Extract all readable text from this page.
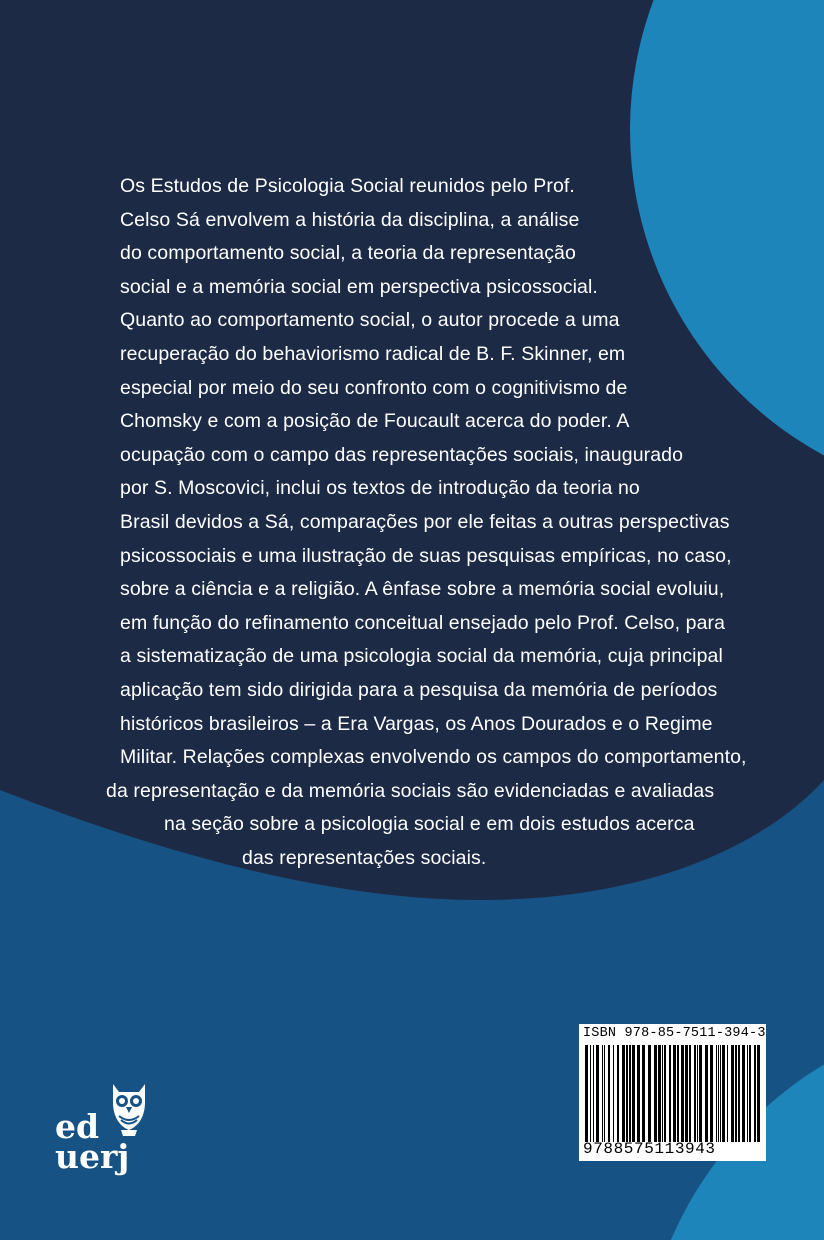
Os Estudos de Psicologia Social reunidos pelo Prof.
Celso Sá envolvem a história da disciplina, a análise
do comportamento social, a teoria da representação
social e a memória social em perspectiva psicossocial.
Quanto ao comportamento social, o autor procede a uma
recuperação do behaviorismo radical de B. F. Skinner, em
especial por meio do seu confronto com o cognitivismo de
Chomsky e com a posição de Foucault acerca do poder. A
ocupação com o campo das representações sociais, inaugurado
por S. Moscovici, inclui os textos de introdução da teoria no
Brasil devidos a Sá, comparações por ele feitas a outras perspectivas
psicossociais e uma ilustração de suas pesquisas empíricas, no caso,
sobre a ciência e a religião. A ênfase sobre a memória social evoluiu,
em função do refinamento conceitual ensejado pelo Prof. Celso, para
a sistematização de uma psicologia social da memória, cuja principal
aplicação tem sido dirigida para a pesquisa da memória de períodos
históricos brasileiros – a Era Vargas, os Anos Dourados e o Regime
Militar. Relações complexas envolvendo os campos do comportamento,
da representação e da memória sociais são evidenciadas e avaliadas
na seção sobre a psicologia social e em dois estudos acerca
das representações sociais.
ISBN 978-85-7511-394-3
9788575113943
ed
uerj
